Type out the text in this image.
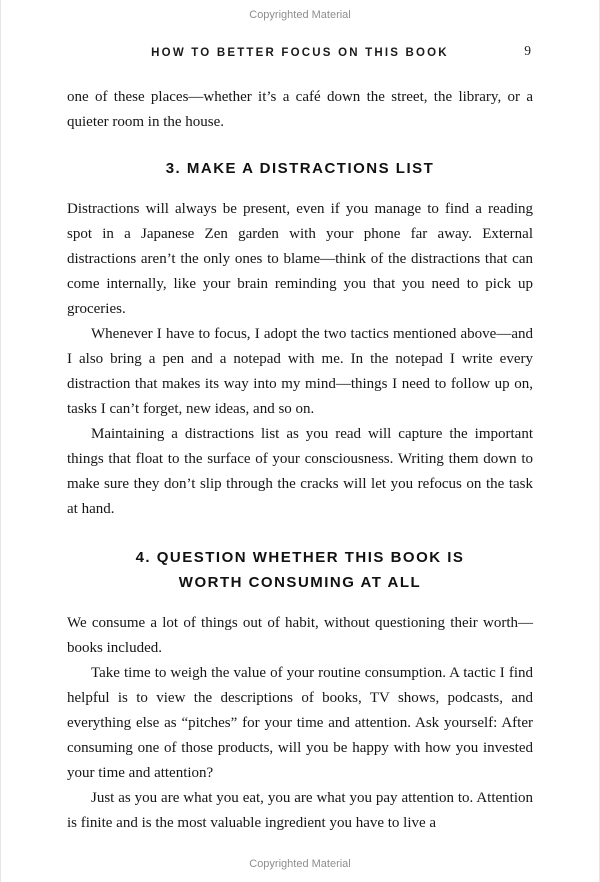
Copyrighted Material
HOW TO BETTER FOCUS ON THIS BOOK	9

one of these places—whether it’s a café down the street, the library, or a quieter room in the house.

3. MAKE A DISTRACTIONS LIST

Distractions will always be present, even if you manage to find a reading spot in a Japanese Zen garden with your phone far away. External distractions aren’t the only ones to blame—think of the distractions that can come internally, like your brain reminding you that you need to pick up groceries.

Whenever I have to focus, I adopt the two tactics mentioned above—and I also bring a pen and a notepad with me. In the notepad I write every distraction that makes its way into my mind—things I need to follow up on, tasks I can’t forget, new ideas, and so on.

Maintaining a distractions list as you read will capture the important things that float to the surface of your consciousness. Writing them down to make sure they don’t slip through the cracks will let you refocus on the task at hand.

4. QUESTION WHETHER THIS BOOK IS WORTH CONSUMING AT ALL

We consume a lot of things out of habit, without questioning their worth—books included.

Take time to weigh the value of your routine consumption. A tactic I find helpful is to view the descriptions of books, TV shows, podcasts, and everything else as “pitches” for your time and attention. Ask yourself: After consuming one of those products, will you be happy with how you invested your time and attention?

Just as you are what you eat, you are what you pay attention to. Attention is finite and is the most valuable ingredient you have to live a

Copyrighted Material
